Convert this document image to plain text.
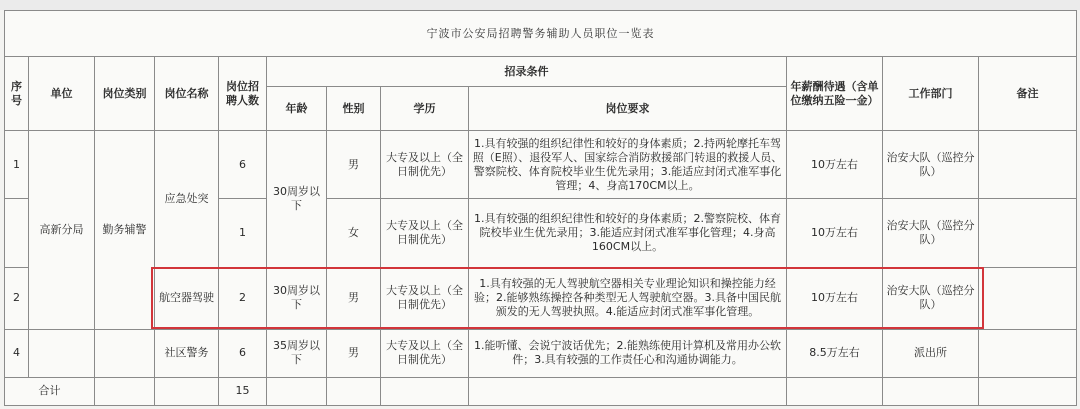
宁波市公安局招聘警务辅助人员职位一览表											
序号	单位	岗位类别	岗位名称	岗位招聘人数	招录条件				年薪酬待遇（含单位缴纳五险一金）	工作部门	备注
					年龄	性别	学历	岗位要求			
1	高新分局	勤务辅警	应急处突	6	30周岁以下	男	大专及以上（全日制优先）	1.具有较强的组织纪律性和较好的身体素质；2.持两轮摩托车驾照（E照）、退役军人、国家综合消防救援部门转退的救援人员、警察院校、体育院校毕业生优先录用；3.能适应封闭式准军事化管理；4、身高170CM以上。	10万左右	治安大队（巡控分队）	
				1		女	大专及以上（全日制优先）	1.具有较强的组织纪律性和较好的身体素质；2.警察院校、体育院校毕业生优先录用；3.能适应封闭式准军事化管理；4.身高160CM以上。	10万左右	治安大队（巡控分队）	
2			航空器驾驶	2	30周岁以下	男	大专及以上（全日制优先）	1.具有较强的无人驾驶航空器相关专业理论知识和操控能力经验；2.能够熟练操控各种类型无人驾驶航空器。3.具备中国民航颁发的无人驾驶执照。4.能适应封闭式准军事化管理。	10万左右	治安大队（巡控分队）	
4			社区警务	6	35周岁以下	男	大专及以上（全日制优先）	1.能听懂、会说宁波话优先；2.能熟练使用计算机及常用办公软件；3.具有较强的工作责任心和沟通协调能力。	8.5万左右	派出所	
合计				15							
